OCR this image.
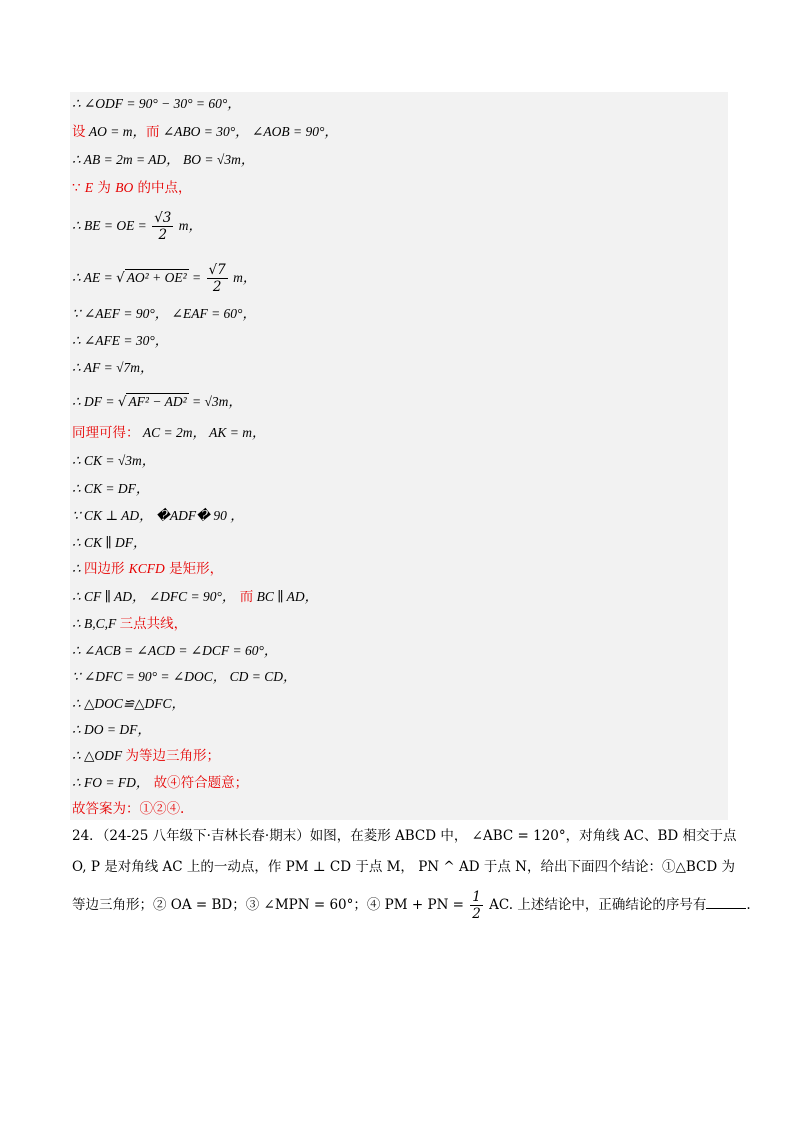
∴ ∠ODF = 90° − 30° = 60°，
设 AO = m，而 ∠ABO = 30°， ∠AOB = 90°，
∴ AB = 2m = AD， BO = √3m，
∵ E 为 BO 的中点，
∴ BE = OE = $\frac{√3}{2}$ m，
∴ AE = √ $AO^2 + OE^2 = \frac{√7}{2}$ m，
∵ ∠AEF = 90°， ∠EAF = 60°，
∴ ∠AFE = 30°，
∴ AF = √7m，
∴ DF = √ AF² − AD² = √3m，
同理可得： AC = 2m， AK = m，
∴ CK = √3m，
∴ CK = DF，
∵ CK ⊥ AD， �ADF� 90 ，
∴ CK ∥ DF，
∴ 四边形 KCFD 是矩形，
∴ CF ∥ AD， ∠DFC = 90°， 而 BC ∥ AD，
∴ B,C,F 三点共线，
∴ ∠ACB = ∠ACD = ∠DCF = 60°，
∵ ∠DFC = 90° = ∠DOC， CD = CD，
∴ △DOC≌△DFC，
∴ DO = DF，
∴ △ODF 为等边三角形；
∴ FO = FD， 故④符合题意；
故答案为：①②④.
24．（24-25 八年级下·吉林长春·期末）如图，在菱形 ABCD 中， ∠ABC = 120°，对角线 AC、BD 相交于点
O, P 是对角线 AC 上的一动点，作 PM ⊥ CD 于点 M， PN ^ AD 于点 N，给出下面四个结论：①△BCD 为
等边三角形；② OA = BD；③ ∠MPN = 60°；④ PM + PN = $\frac{1}{2}$ AC. 上述结论中，正确结论的序号有	.
